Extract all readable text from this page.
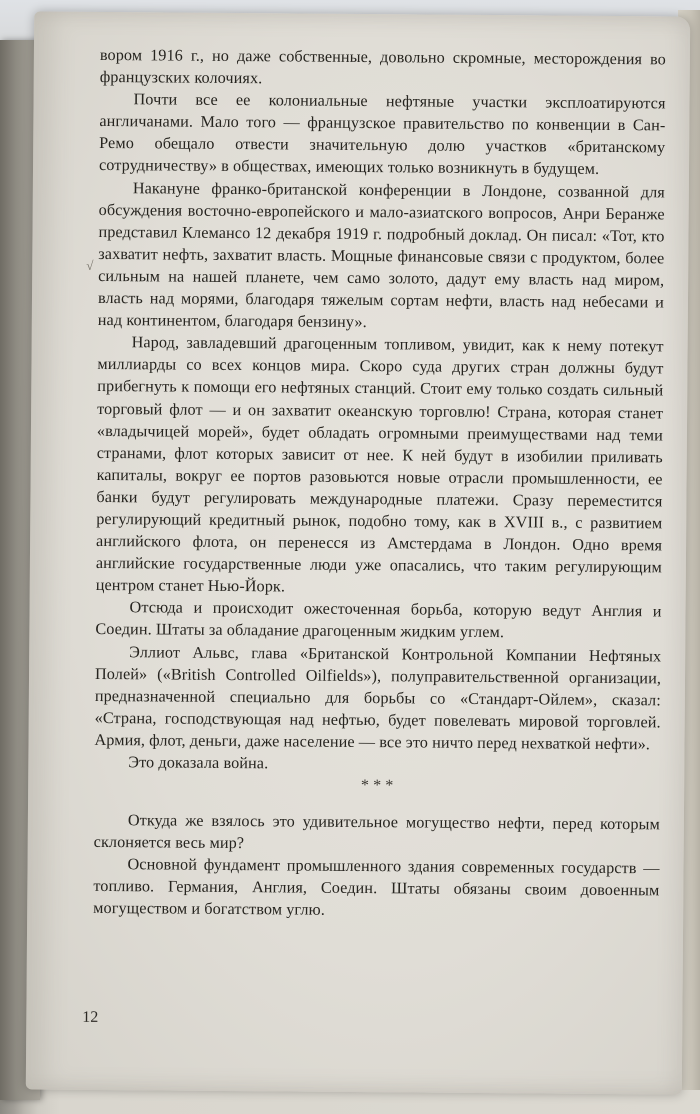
√

вором 1916 г., но даже собственные, довольно скромные, месторождения во французских колочиях.

Почти все ее колониальные нефтяные участки эксплоатируются англичанами. Мало того — французское правительство по конвенции в Сан-Ремо обещало отвести значительную долю участков «британскому сотрудничеству» в обществах, имеющих только возникнуть в будущем.

Накануне франко-британской конференции в Лондоне, созванной для обсуждения восточно-европейского и мало-азиатского вопросов, Анри Беранже представил Клемансо 12 декабря 1919 г. подробный доклад. Он писал: «Тот, кто захватит нефть, захватит власть. Мощные финансовые связи с продуктом, более сильным на нашей планете, чем само золото, дадут ему власть над миром, власть над морями, благодаря тяжелым сортам нефти, власть над небесами и над континентом, благодаря бензину».

Народ, завладевший драгоценным топливом, увидит, как к нему потекут миллиарды со всех концов мира. Скоро суда других стран должны будут прибегнуть к помощи его нефтяных станций. Стоит ему только создать сильный торговый флот — и он захватит океанскую торговлю! Страна, которая станет «владычицей морей», будет обладать огромными преимуществами над теми странами, флот которых зависит от нее. К ней будут в изобилии приливать капиталы, вокруг ее портов разовьются новые отрасли промышленности, ее банки будут регулировать международные платежи. Сразу переместится регулирующий кредитный рынок, подобно тому, как в XVIII в., с развитием английского флота, он перенесся из Амстердама в Лондон. Одно время английские государственные люди уже опасались, что таким регулирующим центром станет Нью-Йорк.

Отсюда и происходит ожесточенная борьба, которую ведут Англия и Соедин. Штаты за обладание драгоценным жидким углем.

Эллиот Альвс, глава «Британской Контрольной Компании Нефтяных Полей» («British Controlled Oilfields»), полуправительственной организации, предназначенной специально для борьбы со «Стандарт-Ойлем», сказал: «Страна, господствующая над нефтью, будет повелевать мировой торговлей. Армия, флот, деньги, даже население — все это ничто перед нехваткой нефти».

Это доказала война.

* * *

Откуда же взялось это удивительное могущество нефти, перед которым склоняется весь мир?

Основной фундамент промышленного здания современных государств — топливо. Германия, Англия, Соедин. Штаты обязаны своим довоенным могуществом и богатством углю.

12
